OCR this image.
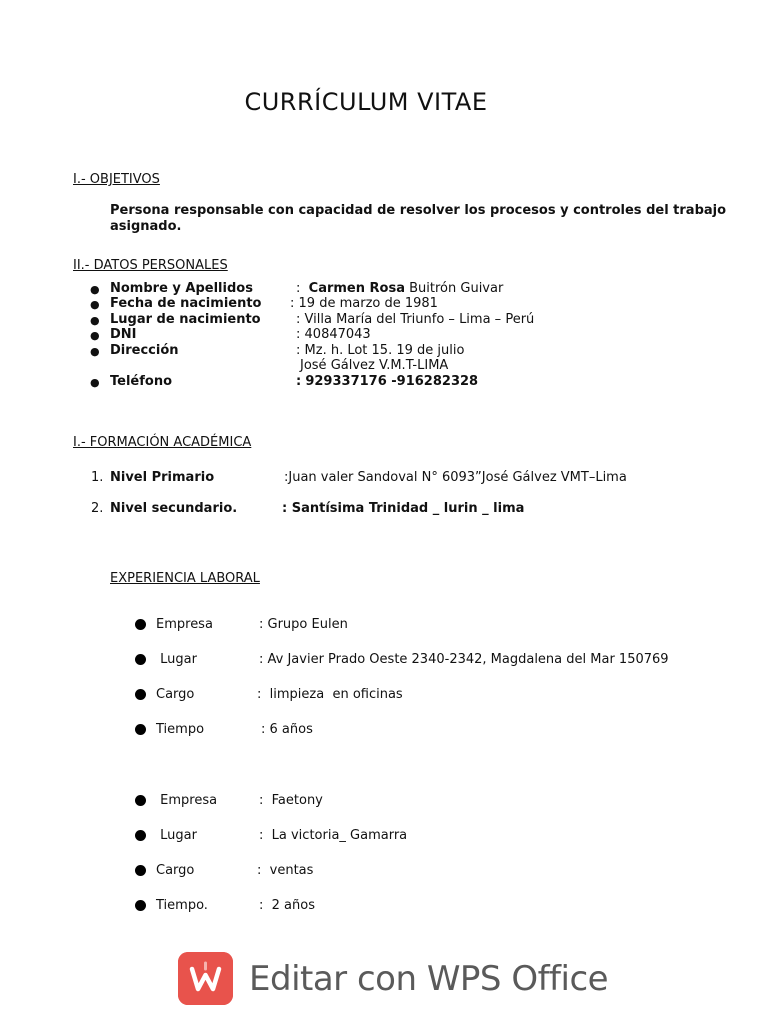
CURRÍCULUM VITAE
I.- OBJETIVOS
Persona responsable con capacidad de resolver los procesos y controles del trabajo
asignado.
II.- DATOS PERSONALES
● Nombre y Apellidos	: Carmen Rosa Buitrón Guivar
● Fecha de nacimiento : 19 de marzo de 1981
● Lugar de nacimiento	: Villa María del Triunfo – Lima – Perú
● DNI	: 40847043
● Dirección	: Mz. h. Lot 15. 19 de julio
José Gálvez V.M.T-LIMA
● Teléfono	: 929337176 -916282328
I.- FORMACIÓN ACADÉMICA
1. Nivel Primario	:Juan valer Sandoval N° 6093”José Gálvez VMT–Lima
2. Nivel secundario.	: Santísima Trinidad _ lurin _ lima
EXPERIENCIA LABORAL
Empresa	: Grupo Eulen
Lugar	: Av Javier Prado Oeste 2340-2342, Magdalena del Mar 150769
Cargo	:  limpieza  en oficinas
Tiempo	: 6 años
Empresa	:  Faetony
Lugar	:  La victoria_ Gamarra
Cargo	:  ventas
Tiempo.	:  2 años
Editar con WPS Office
